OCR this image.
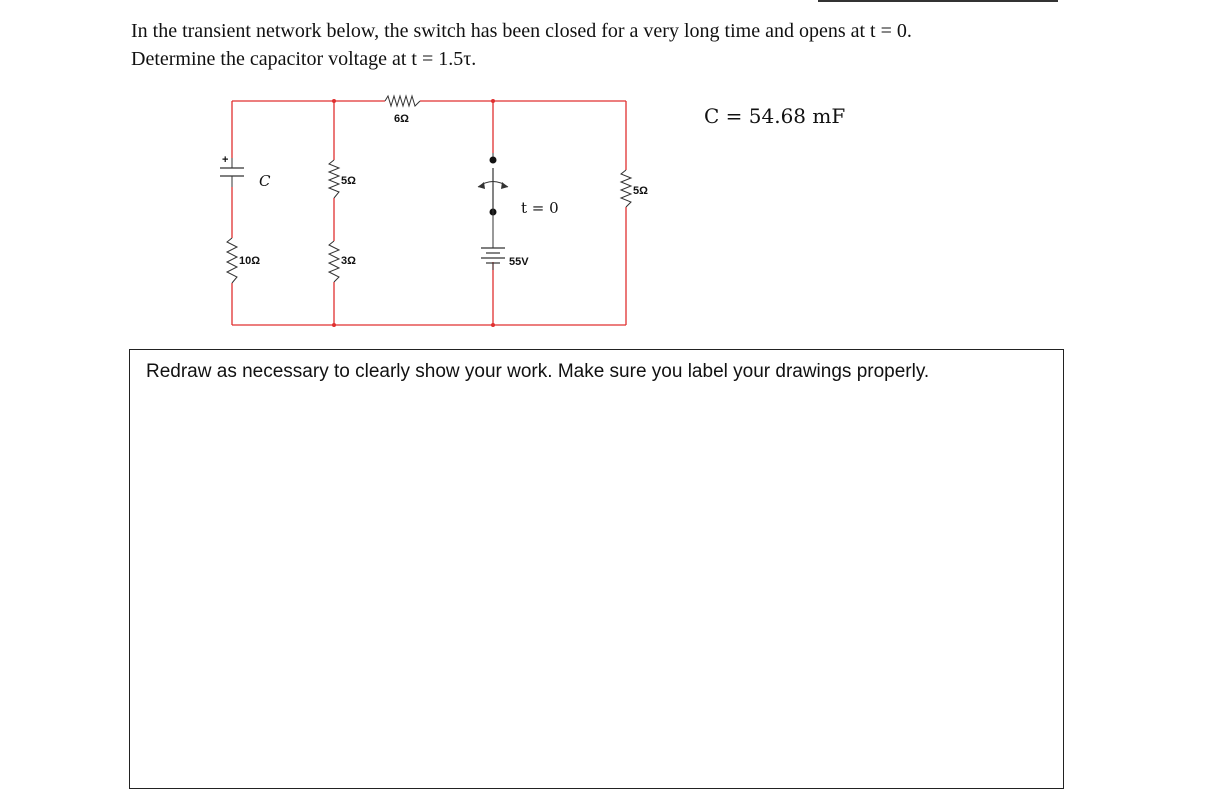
In the transient network below, the switch has been closed for a very long time and opens at t = 0.
Determine the capacitor voltage at t = 1.5τ.
6Ω
+
C
10Ω
5Ω
3Ω
5Ω
t = 0
55V
C = 54.68 mF
Redraw as necessary to clearly show your work. Make sure you label your drawings properly.
